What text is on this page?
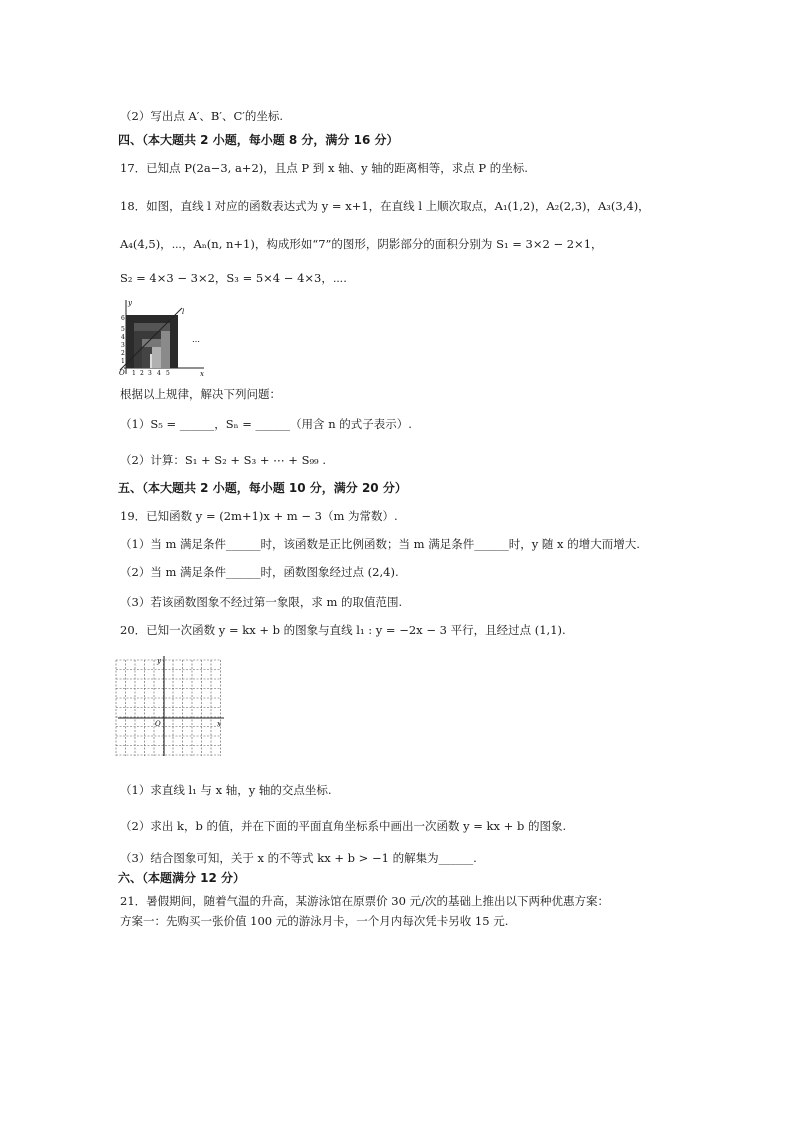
（2）写出点 A′、B′、C′的坐标.
四、（本大题共 2 小题，每小题 8 分，满分 16 分）
17．已知点 P(2a−3, a+2)，且点 P 到 x 轴、y 轴的距离相等，求点 P 的坐标.
18．如图，直线 l 对应的函数表达式为 y = x+1，在直线 l 上顺次取点，A₁(1,2)，A₂(2,3)，A₃(3,4)，
A₄(4,5)，⋯，Aₙ(n, n+1)，构成形如“7”的图形，阴影部分的面积分别为 S₁ = 3×2 − 2×1，
S₂ = 4×3 − 3×2，S₃ = 5×4 − 4×3，⋯.
y
x
l
O
1
2
3
4
5
6
1 2 3 4 5
…
根据以上规律，解决下列问题：
（1）S₅ = ______，Sₙ = ______（用含 n 的式子表示）.
（2）计算：S₁ + S₂ + S₃ + ⋯ + S₉₉ .
五、（本大题共 2 小题，每小题 10 分，满分 20 分）
19．已知函数 y = (2m+1)x + m − 3（m 为常数）.
（1）当 m 满足条件______时，该函数是正比例函数；当 m 满足条件______时，y 随 x 的增大而增大.
（2）当 m 满足条件______时，函数图象经过点 (2,4).
（3）若该函数图象不经过第一象限，求 m 的取值范围.
20．已知一次函数 y = kx + b 的图象与直线 l₁ : y = −2x − 3 平行，且经过点 (1,1).
y
x
O
（1）求直线 l₁ 与 x 轴，y 轴的交点坐标.
（2）求出 k，b 的值，并在下面的平面直角坐标系中画出一次函数 y = kx + b 的图象.
（3）结合图象可知，关于 x 的不等式 kx + b > −1 的解集为______.
六、（本题满分 12 分）
21．暑假期间，随着气温的升高，某游泳馆在原票价 30 元/次的基础上推出以下两种优惠方案：
方案一：先购买一张价值 100 元的游泳月卡，一个月内每次凭卡另收 15 元.
